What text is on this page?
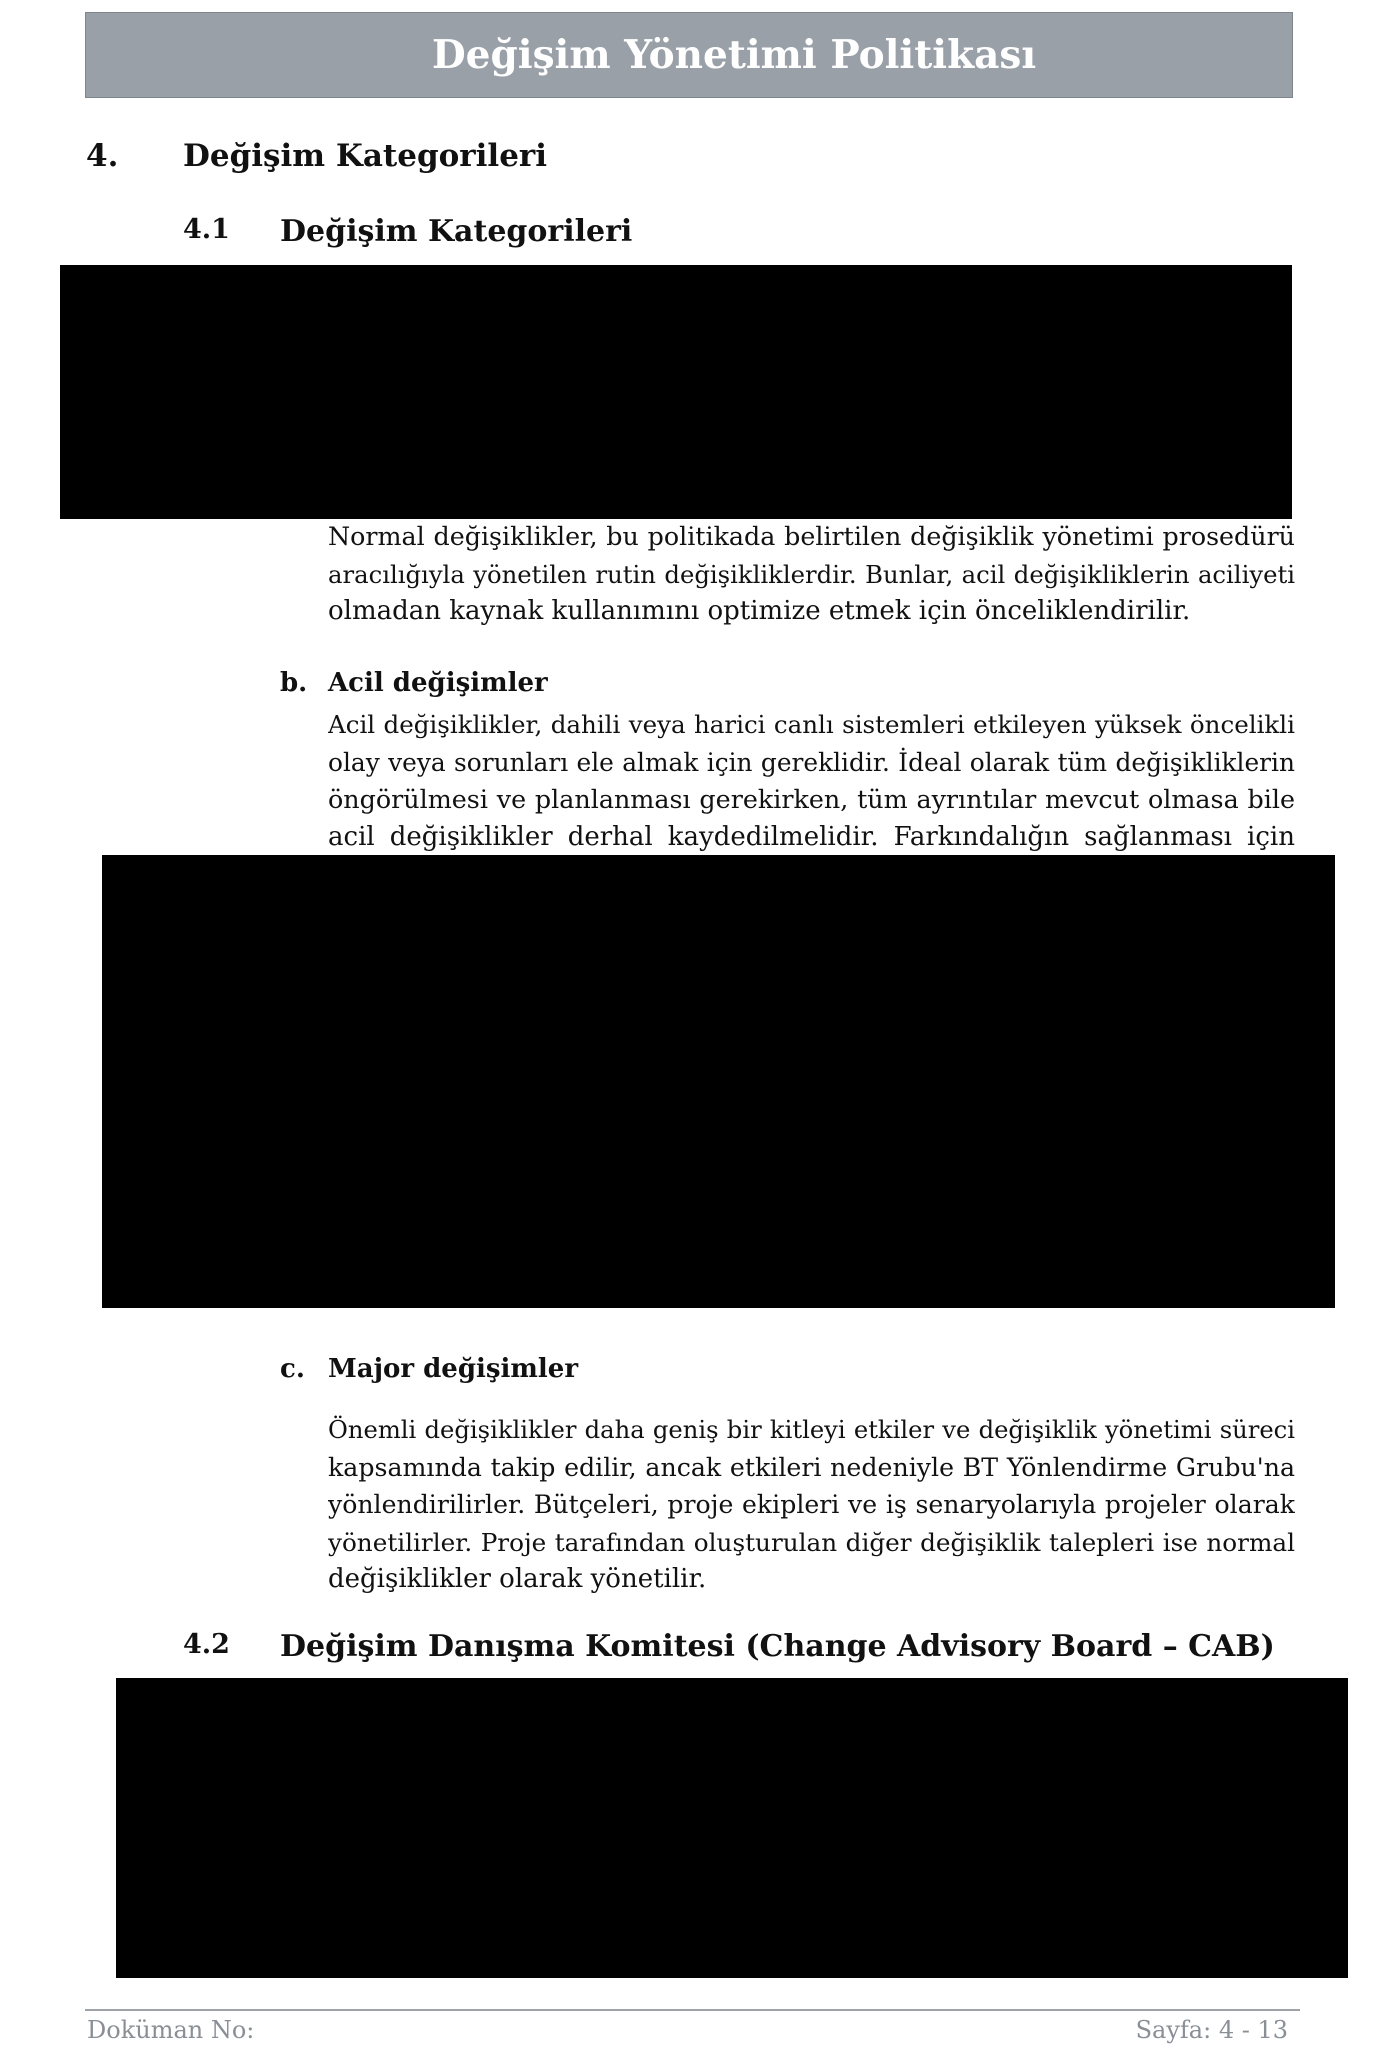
Değişim Yönetimi Politikası
4. Değişim Kategorileri
4.1 Değişim Kategorileri
Normal değişiklikler, bu politikada belirtilen değişiklik yönetimi prosedürü
aracılığıyla yönetilen rutin değişikliklerdir. Bunlar, acil değişikliklerin aciliyeti
olmadan kaynak kullanımını optimize etmek için önceliklendirilir.
b. Acil değişimler
Acil değişiklikler, dahili veya harici canlı sistemleri etkileyen yüksek öncelikli
olay veya sorunları ele almak için gereklidir. İdeal olarak tüm değişikliklerin
öngörülmesi ve planlanması gerekirken, tüm ayrıntılar mevcut olmasa bile
acil değişiklikler derhal kaydedilmelidir. Farkındalığın sağlanması için
c. Major değişimler
Önemli değişiklikler daha geniş bir kitleyi etkiler ve değişiklik yönetimi süreci
kapsamında takip edilir, ancak etkileri nedeniyle BT Yönlendirme Grubu'na
yönlendirilirler. Bütçeleri, proje ekipleri ve iş senaryolarıyla projeler olarak
yönetilirler. Proje tarafından oluşturulan diğer değişiklik talepleri ise normal
değişiklikler olarak yönetilir.
4.2 Değişim Danışma Komitesi (Change Advisory Board – CAB)
Doküman No:	Sayfa: 4 - 13
